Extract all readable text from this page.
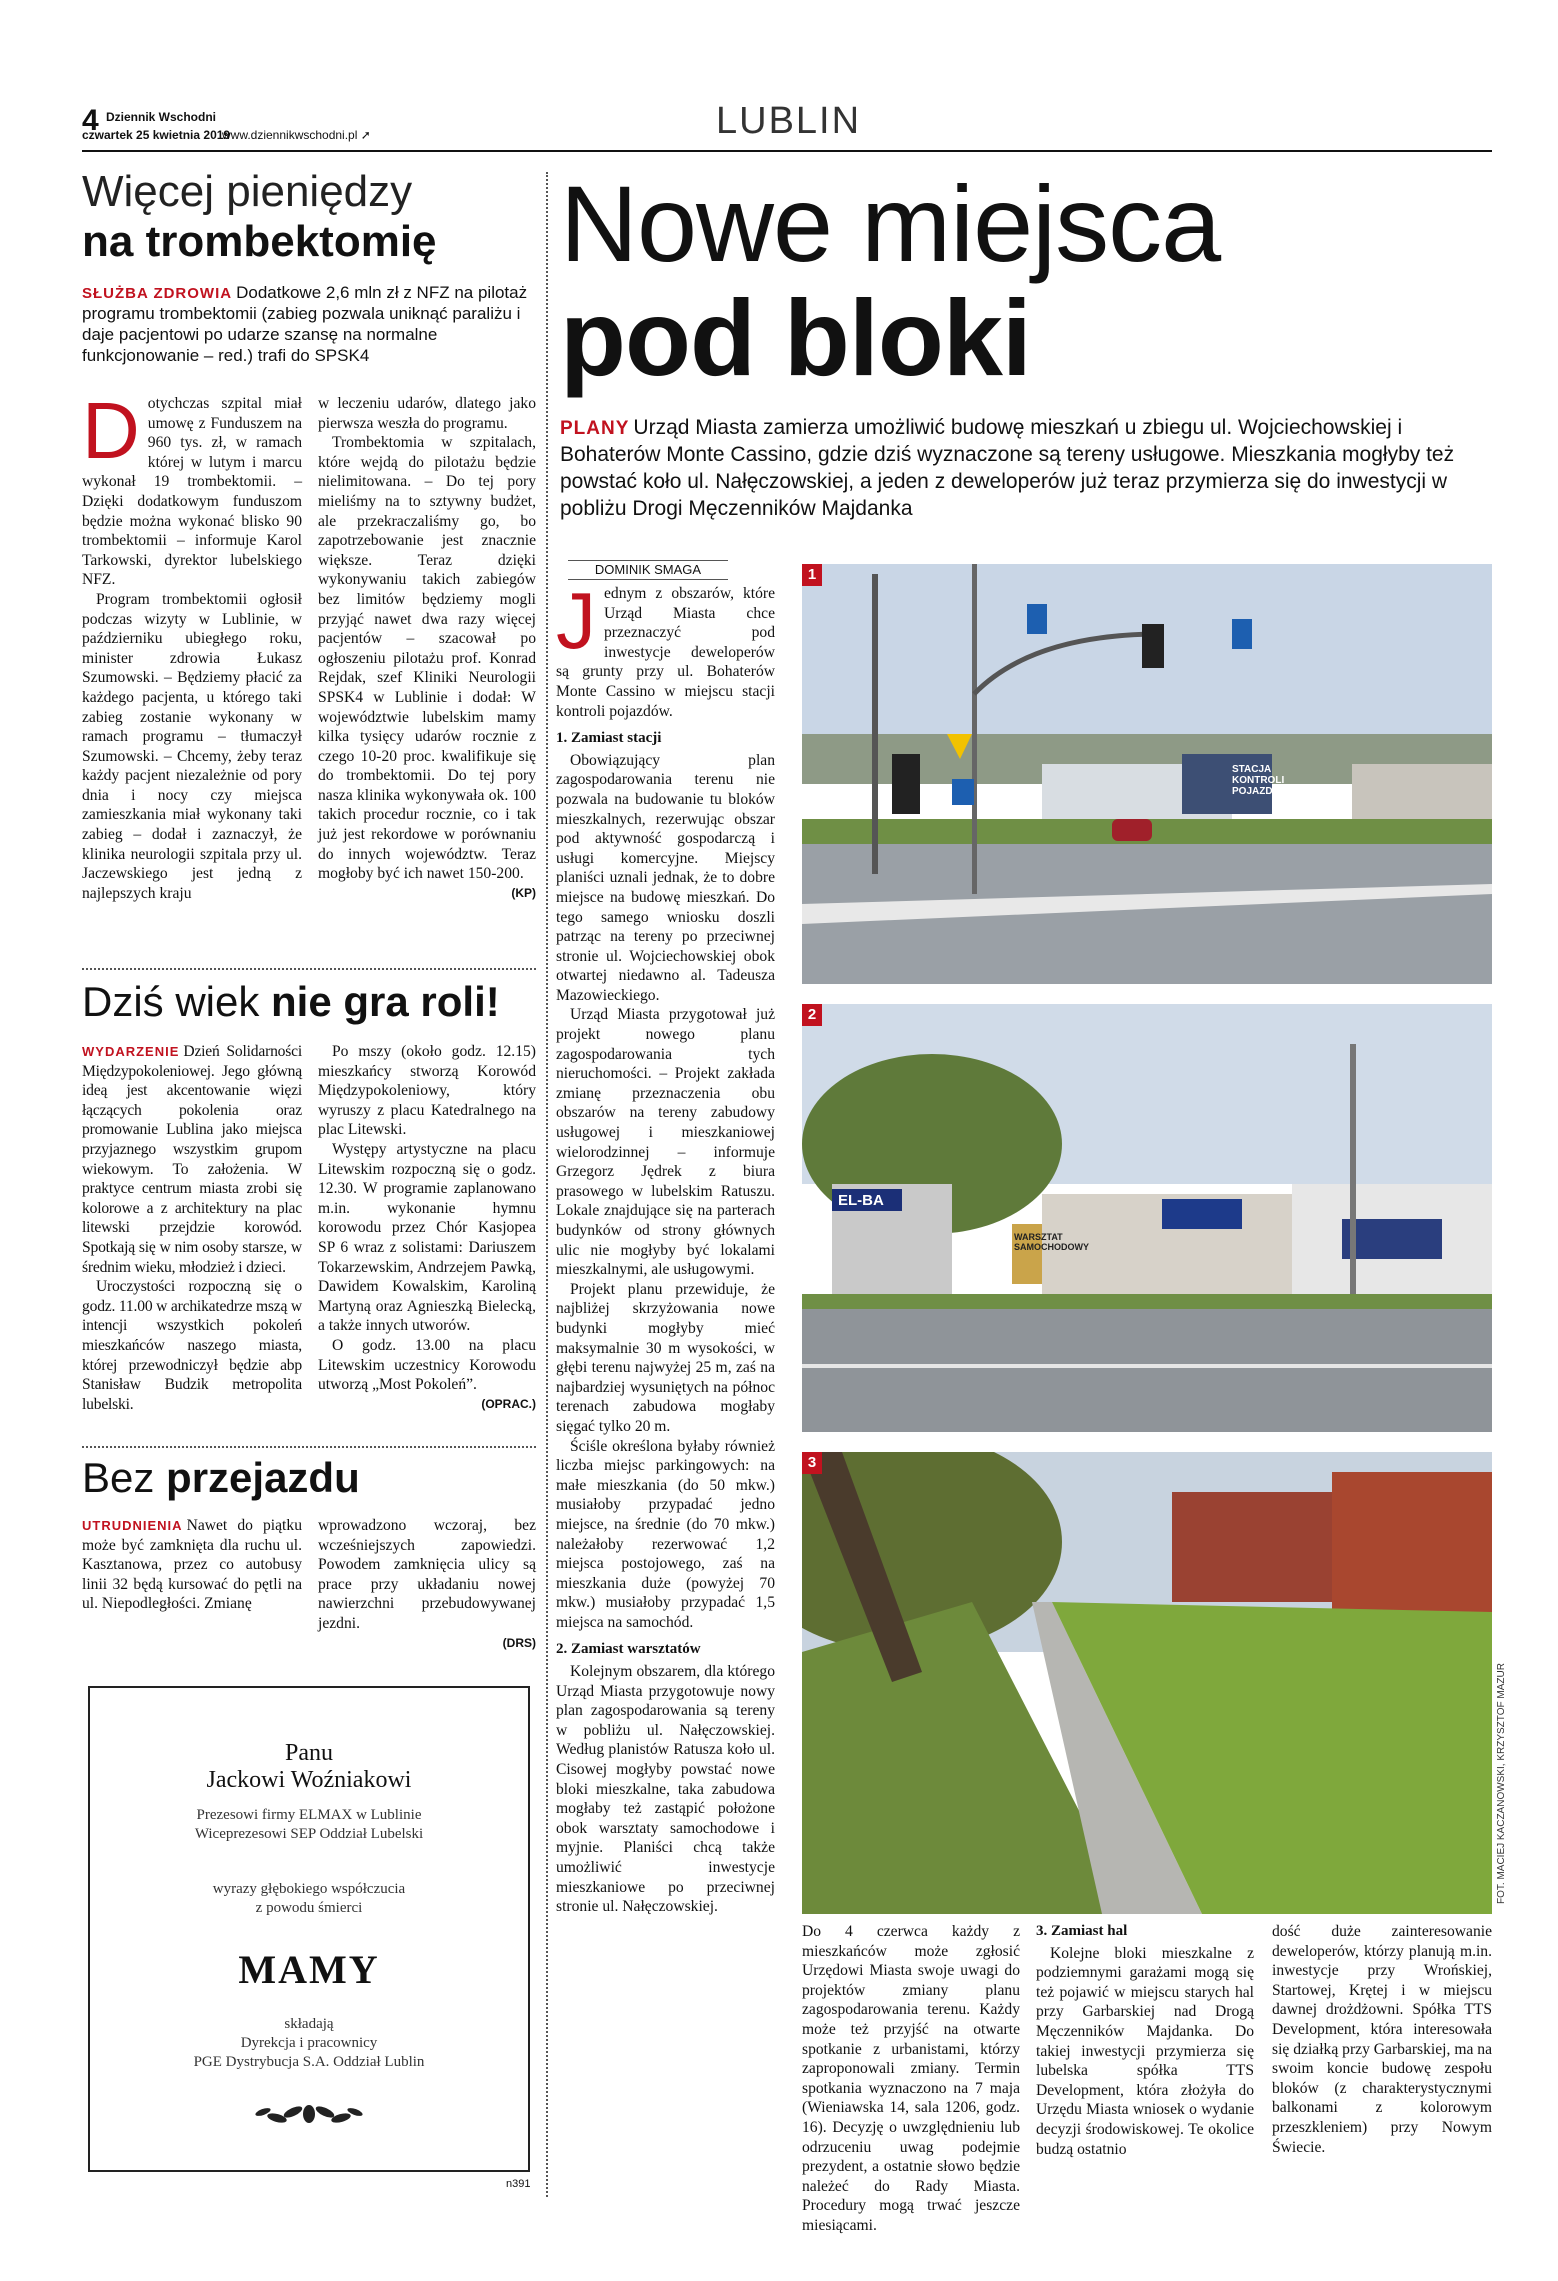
4 Dziennik Wschodni
czwartek 25 kwietnia 2019
www.dziennikwschodni.pl ➚	LUBLIN
Więcej pieniędzy
na trombektomię
SŁUŻBA ZDROWIA Dodatkowe 2,6 mln zł z NFZ na pilotaż programu trombektomii (zabieg pozwala uniknąć paraliżu i daje pacjentowi po udarze szansę na normalne funkcjonowanie – red.) trafi do SPSK4
D otychczas szpital miał umowę z Funduszem na 960 tys. zł, w ramach której w lutym i marcu wykonał 19 trombektomii. – Dzięki dodatkowym funduszom będzie można wykonać blisko 90 trombektomii – informuje Karol Tarkowski, dyrektor lubelskiego NFZ.

Program trombektomii ogłosił podczas wizyty w Lublinie, w październiku ubiegłego roku, minister zdrowia Łukasz Szumowski. – Będziemy płacić za każdego pacjenta, u którego taki zabieg zostanie wykonany w ramach programu – tłumaczył Szumowski. – Chcemy, żeby teraz każdy pacjent niezależnie od pory dnia i nocy czy miejsca zamieszkania miał wykonany taki zabieg – dodał i zaznaczył, że klinika neurologii szpitala przy ul. Jaczewskiego jest jedną z najlepszych kraju

w leczeniu udarów, dlatego jako pierwsza weszła do programu.

Trombektomia w szpitalach, które wejdą do pilotażu będzie nielimitowana. – Do tej pory mieliśmy na to sztywny budżet, ale przekraczaliśmy go, bo zapotrzebowanie jest znacznie większe. Teraz dzięki wykonywaniu takich zabiegów bez limitów będziemy mogli przyjąć nawet dwa razy więcej pacjentów – szacował po ogłoszeniu pilotażu prof. Konrad Rejdak, szef Kliniki Neurologii SPSK4 w Lublinie i dodał: W województwie lubelskim mamy kilka tysięcy udarów rocznie z czego 10-20 proc. kwalifikuje się do trombektomii. Do tej pory nasza klinika wykonywała ok. 100 takich procedur rocznie, co i tak już jest rekordowe w porównaniu do innych województw. Teraz mogłoby być ich nawet 150-200.

(KP)
Dziś wiek nie gra roli!

WYDARZENIE Dzień Solidarności Międzypokoleniowej. Jego główną ideą jest akcentowanie więzi łączących pokolenia oraz promowanie Lublina jako miejsca przyjaznego wszystkim grupom wiekowym. To założenia. W praktyce centrum miasta zrobi się kolorowe a z architektury na plac litewski przejdzie korowód. Spotkają się w nim osoby starsze, w średnim wieku, młodzież i dzieci.

Uroczystości rozpoczną się o godz. 11.00 w archikatedrze mszą w intencji wszystkich pokoleń mieszkańców naszego miasta, której przewodniczył będzie abp Stanisław Budzik metropolita lubelski.

Po mszy (około godz. 12.15) mieszkańcy stworzą Korowód Międzypokoleniowy, który wyruszy z placu Katedralnego na plac Litewski.

Występy artystyczne na placu Litewskim rozpoczną się o godz. 12.30. W programie zaplanowano m.in. wykonanie hymnu korowodu przez Chór Kasjopea SP 6 wraz z solistami: Dariuszem Tokarzewskim, Andrzejem Pawką, Dawidem Kowalskim, Karoliną Martyną oraz Agnieszką Bielecką, a także innych utworów.

O godz. 13.00 na placu Litewskim uczestnicy Korowodu utworzą „Most Pokoleń”.

(OPRAC.)
Bez przejazdu

UTRUDNIENIA Nawet do piątku może być zamknięta dla ruchu ul. Kasztanowa, przez co autobusy linii 32 będą kursować do pętli na ul. Niepodległości. Zmianę

wprowadzono wczoraj, bez wcześniejszych zapowiedzi. Powodem zamknięcia ulicy są prace przy układaniu nowej nawierzchni przebudowywanej jezdni.

(DRS)
Panu
Jackowi Woźniakowi
Prezesowi firmy ELMAX w Lublinie
Wiceprezesowi SEP Oddział Lubelski
wyrazy głębokiego współczucia
z powodu śmierci
MAMY
składają
Dyrekcja i pracownicy
PGE Dystrybucja S.A. Oddział Lublin
n391
Nowe miejsca
pod bloki
PLANY Urząd Miasta zamierza umożliwić budowę mieszkań u zbiegu ul. Wojciechowskiej i Bohaterów Monte Cassino, gdzie dziś wyznaczone są tereny usługowe. Mieszkania mogłyby też powstać koło ul. Nałęczowskiej, a jeden z deweloperów już teraz przymierza się do inwestycji w pobliżu Drogi Męczenników Majdanka
DOMINIK SMAGA
J ednym z obszarów, które Urząd Miasta chce przeznaczyć pod inwestycje deweloperów są grunty przy ul. Bohaterów Monte Cassino w miejscu stacji kontroli pojazdów.

1. Zamiast stacji

Obowiązujący plan zagospodarowania terenu nie pozwala na budowanie tu bloków mieszkalnych, rezerwując obszar pod aktywność gospodarczą i usługi komercyjne. Miejscy planiści uznali jednak, że to dobre miejsce na budowę mieszkań. Do tego samego wniosku doszli patrząc na tereny po przeciwnej stronie ul. Wojciechowskiej obok otwartej niedawno al. Tadeusza Mazowieckiego.

Urząd Miasta przygotował już projekt nowego planu zagospodarowania tych nieruchomości. – Projekt zakłada zmianę przeznaczenia obu obszarów na tereny zabudowy usługowej i mieszkaniowej wielorodzinnej – informuje Grzegorz Jędrek z biura prasowego w lubelskim Ratuszu. Lokale znajdujące się na parterach budynków od strony głównych ulic nie mogłyby być lokalami mieszkalnymi, ale usługowymi.

Projekt planu przewiduje, że najbliżej skrzyżowania nowe budynki mogłyby mieć maksymalnie 30 m wysokości, w głębi terenu najwyżej 25 m, zaś na najbardziej wysuniętych na północ terenach zabudowa mogłaby sięgać tylko 20 m.

Ściśle określona byłaby również liczba miejsc parkingowych: na małe mieszkania (do 50 mkw.) musiałoby przypadać jedno miejsce, na średnie (do 70 mkw.) należałoby rezerwować 1,2 miejsca postojowego, zaś na mieszkania duże (powyżej 70 mkw.) musiałoby przypadać 1,5 miejsca na samochód.

2. Zamiast warsztatów

Kolejnym obszarem, dla którego Urząd Miasta przygotowuje nowy plan zagospodarowania są tereny w pobliżu ul. Nałęczowskiej. Według planistów Ratusza koło ul. Cisowej mogłyby powstać nowe bloki mieszkalne, taka zabudowa mogłaby też zastąpić położone obok warsztaty samochodowe i myjnie. Planiści chcą także umożliwić inwestycje mieszkaniowe po przeciwnej stronie ul. Nałęczowskiej.

1
STACJA KONTROLI POJAZDÓW
2
EL-BA
WARSZTAT SAMOCHODOWY
3
FOT. MACIEJ KACZANOWSKI, KRZYSZTOF MAZUR

Do 4 czerwca każdy z mieszkańców może zgłosić Urzędowi Miasta swoje uwagi do projektów zmiany planu zagospodarowania terenu. Każdy może też przyjść na otwarte spotkanie z urbanistami, którzy zaproponowali zmiany. Termin spotkania wyznaczono na 7 maja (Wieniawska 14, sala 1206, godz. 16). Decyzję o uwzględnieniu lub odrzuceniu uwag podejmie prezydent, a ostatnie słowo będzie należeć do Rady Miasta. Procedury mogą trwać jeszcze miesiącami.

3. Zamiast hal

Kolejne bloki mieszkalne z podziemnymi garażami mogą się też pojawić w miejscu starych hal przy Garbarskiej nad Drogą Męczenników Majdanka. Do takiej inwestycji przymierza się lubelska spółka TTS Development, która złożyła do Urzędu Miasta wniosek o wydanie decyzji środowiskowej. Te okolice budzą ostatnio

dość duże zainteresowanie deweloperów, którzy planują m.in. inwestycje przy Wrońskiej, Startowej, Krętej i w miejscu dawnej drożdżowni. Spółka TTS Development, która interesowała się działką przy Garbarskiej, ma na swoim koncie budowę zespołu bloków (z charakterystycznymi balkonami z kolorowym przeszkleniem) przy Nowym Świecie.
